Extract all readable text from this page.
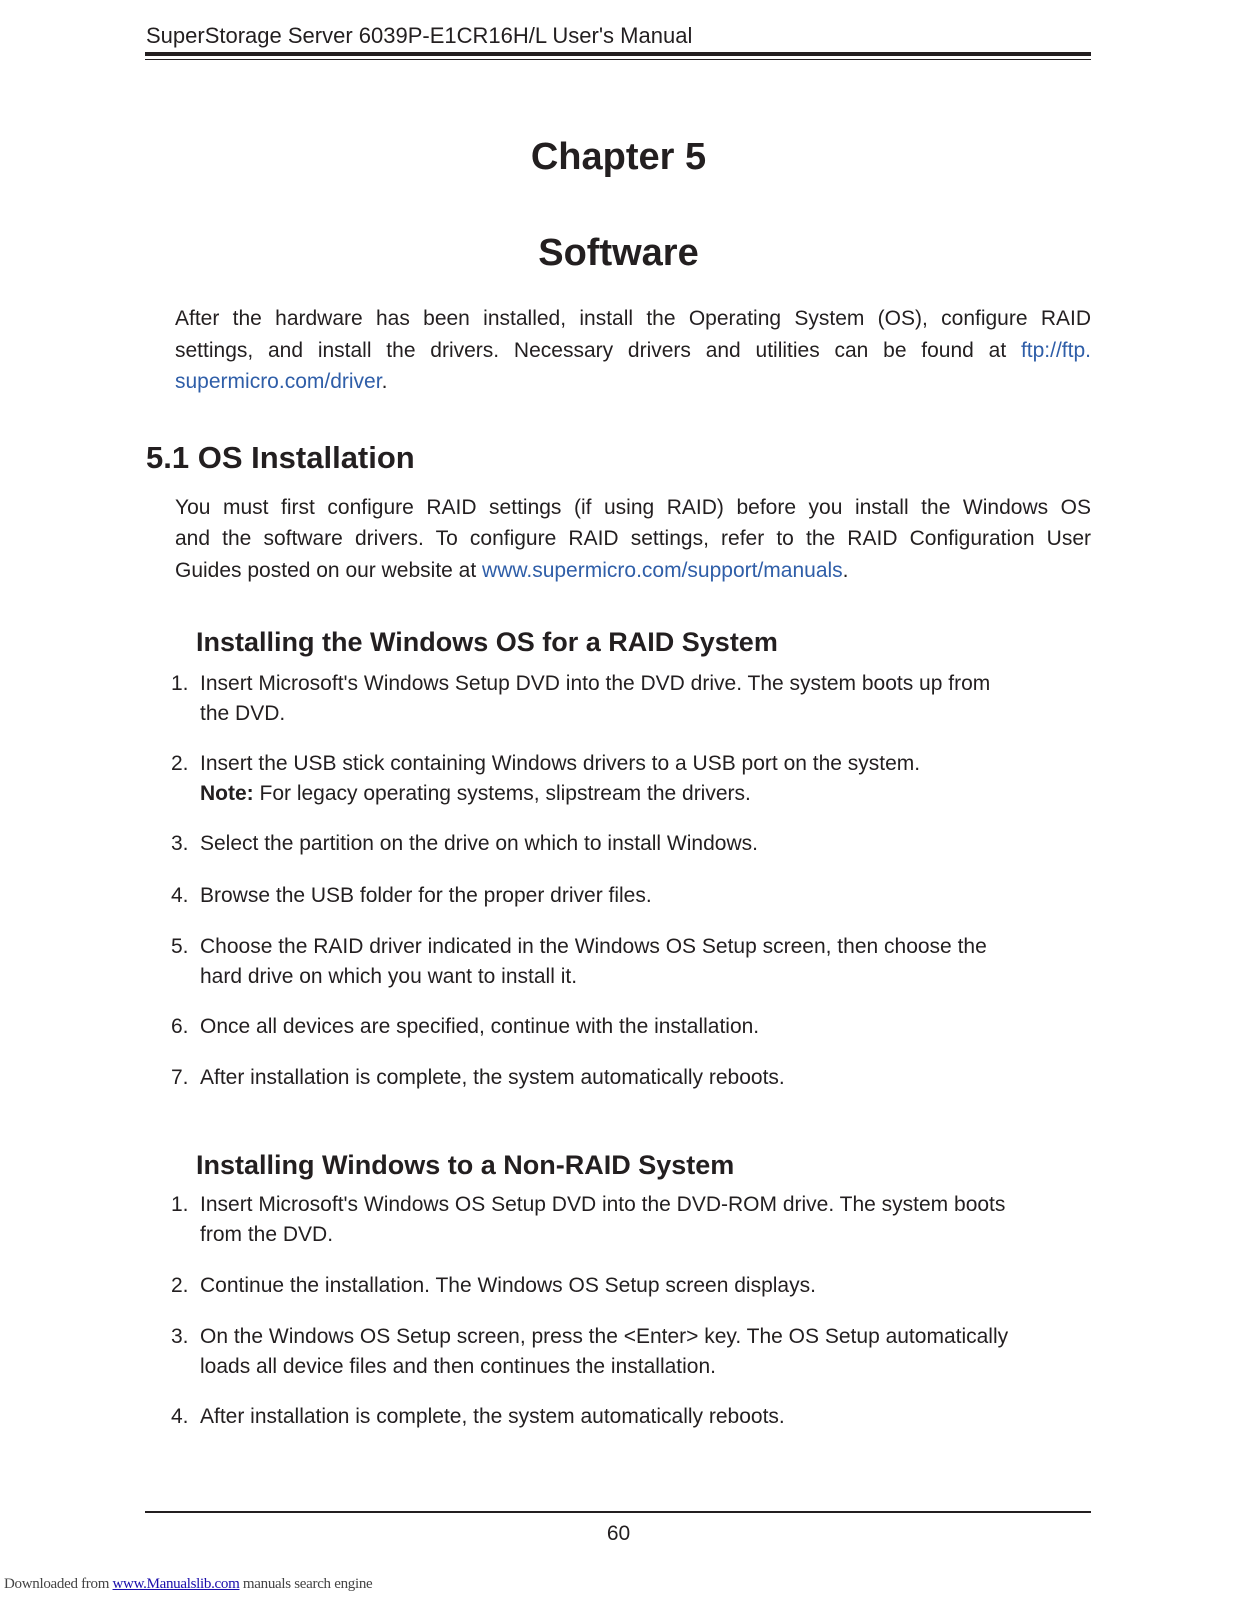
SuperStorage Server 6039P-E1CR16H/L User's Manual
Chapter 5
Software
After the hardware has been installed, install the Operating System (OS), configure RAID
settings, and install the drivers. Necessary drivers and utilities can be found at ftp://ftp.
supermicro.com/driver.
5.1 OS Installation
You must first configure RAID settings (if using RAID) before you install the Windows OS
and the software drivers. To configure RAID settings, refer to the RAID Configuration User
Guides posted on our website at www.supermicro.com/support/manuals.
Installing the Windows OS for a RAID System
1. Insert Microsoft's Windows Setup DVD into the DVD drive. The system boots up from
the DVD.
2. Insert the USB stick containing Windows drivers to a USB port on the system.
Note: For legacy operating systems, slipstream the drivers.
3. Select the partition on the drive on which to install Windows.
4. Browse the USB folder for the proper driver files.
5. Choose the RAID driver indicated in the Windows OS Setup screen, then choose the
hard drive on which you want to install it.
6. Once all devices are specified, continue with the installation.
7. After installation is complete, the system automatically reboots.
Installing Windows to a Non-RAID System
1. Insert Microsoft's Windows OS Setup DVD into the DVD-ROM drive. The system boots
from the DVD.
2. Continue the installation. The Windows OS Setup screen displays.
3. On the Windows OS Setup screen, press the <Enter> key. The OS Setup automatically
loads all device files and then continues the installation.
4. After installation is complete, the system automatically reboots.
60
Downloaded from www.Manualslib.com manuals search engine
